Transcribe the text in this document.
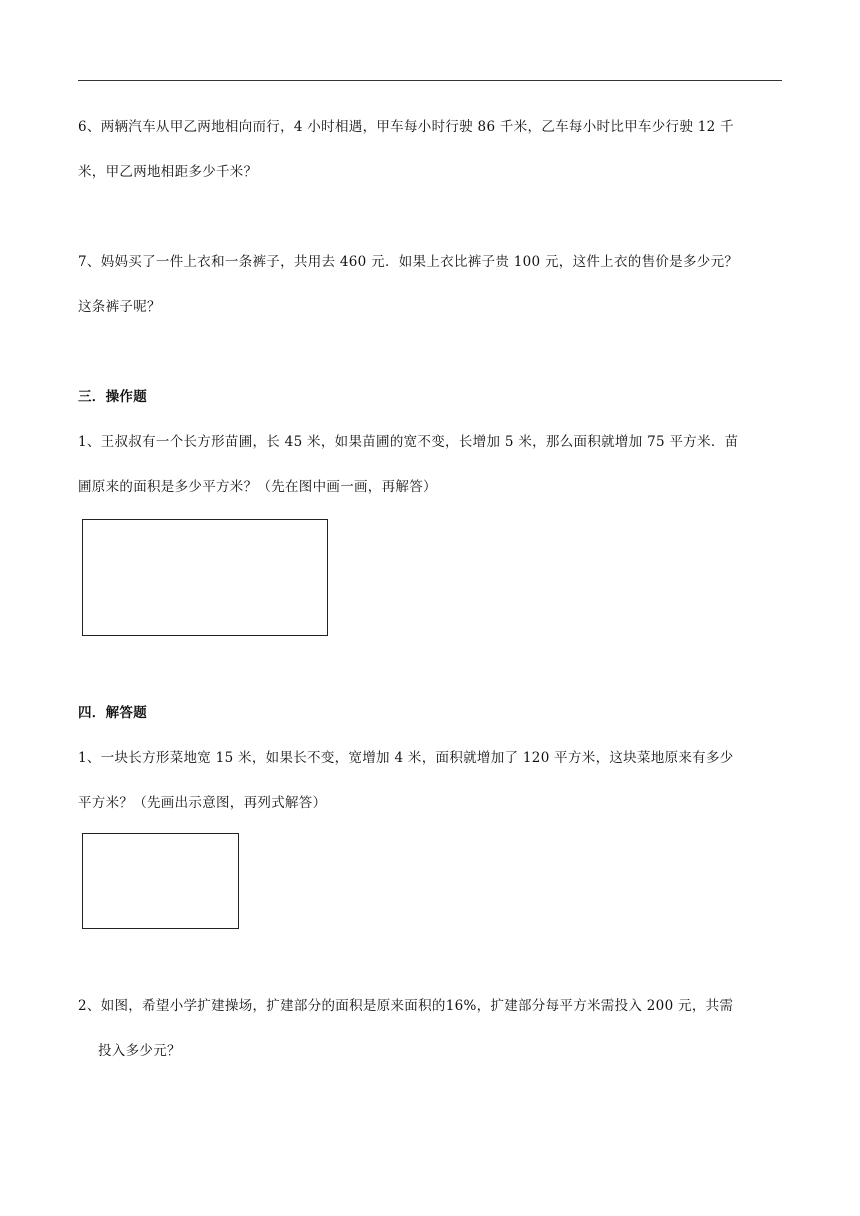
6、两辆汽车从甲乙两地相向而行，4 小时相遇，甲车每小时行驶 86 千米，乙车每小时比甲车少行驶 12 千
米，甲乙两地相距多少千米？
7、妈妈买了一件上衣和一条裤子，共用去 460 元．如果上衣比裤子贵 100 元，这件上衣的售价是多少元？
这条裤子呢？
三．操作题
1、王叔叔有一个长方形苗圃，长 45 米，如果苗圃的宽不变，长增加 5 米，那么面积就增加 75 平方米．苗
圃原来的面积是多少平方米？（先在图中画一画，再解答）
四．解答题
1、一块长方形菜地宽 15 米，如果长不变，宽增加 4 米，面积就增加了 120 平方米，这块菜地原来有多少
平方米？（先画出示意图，再列式解答）
2、如图，希望小学扩建操场，扩建部分的面积是原来面积的16%，扩建部分每平方米需投入 200 元，共需
投入多少元？
